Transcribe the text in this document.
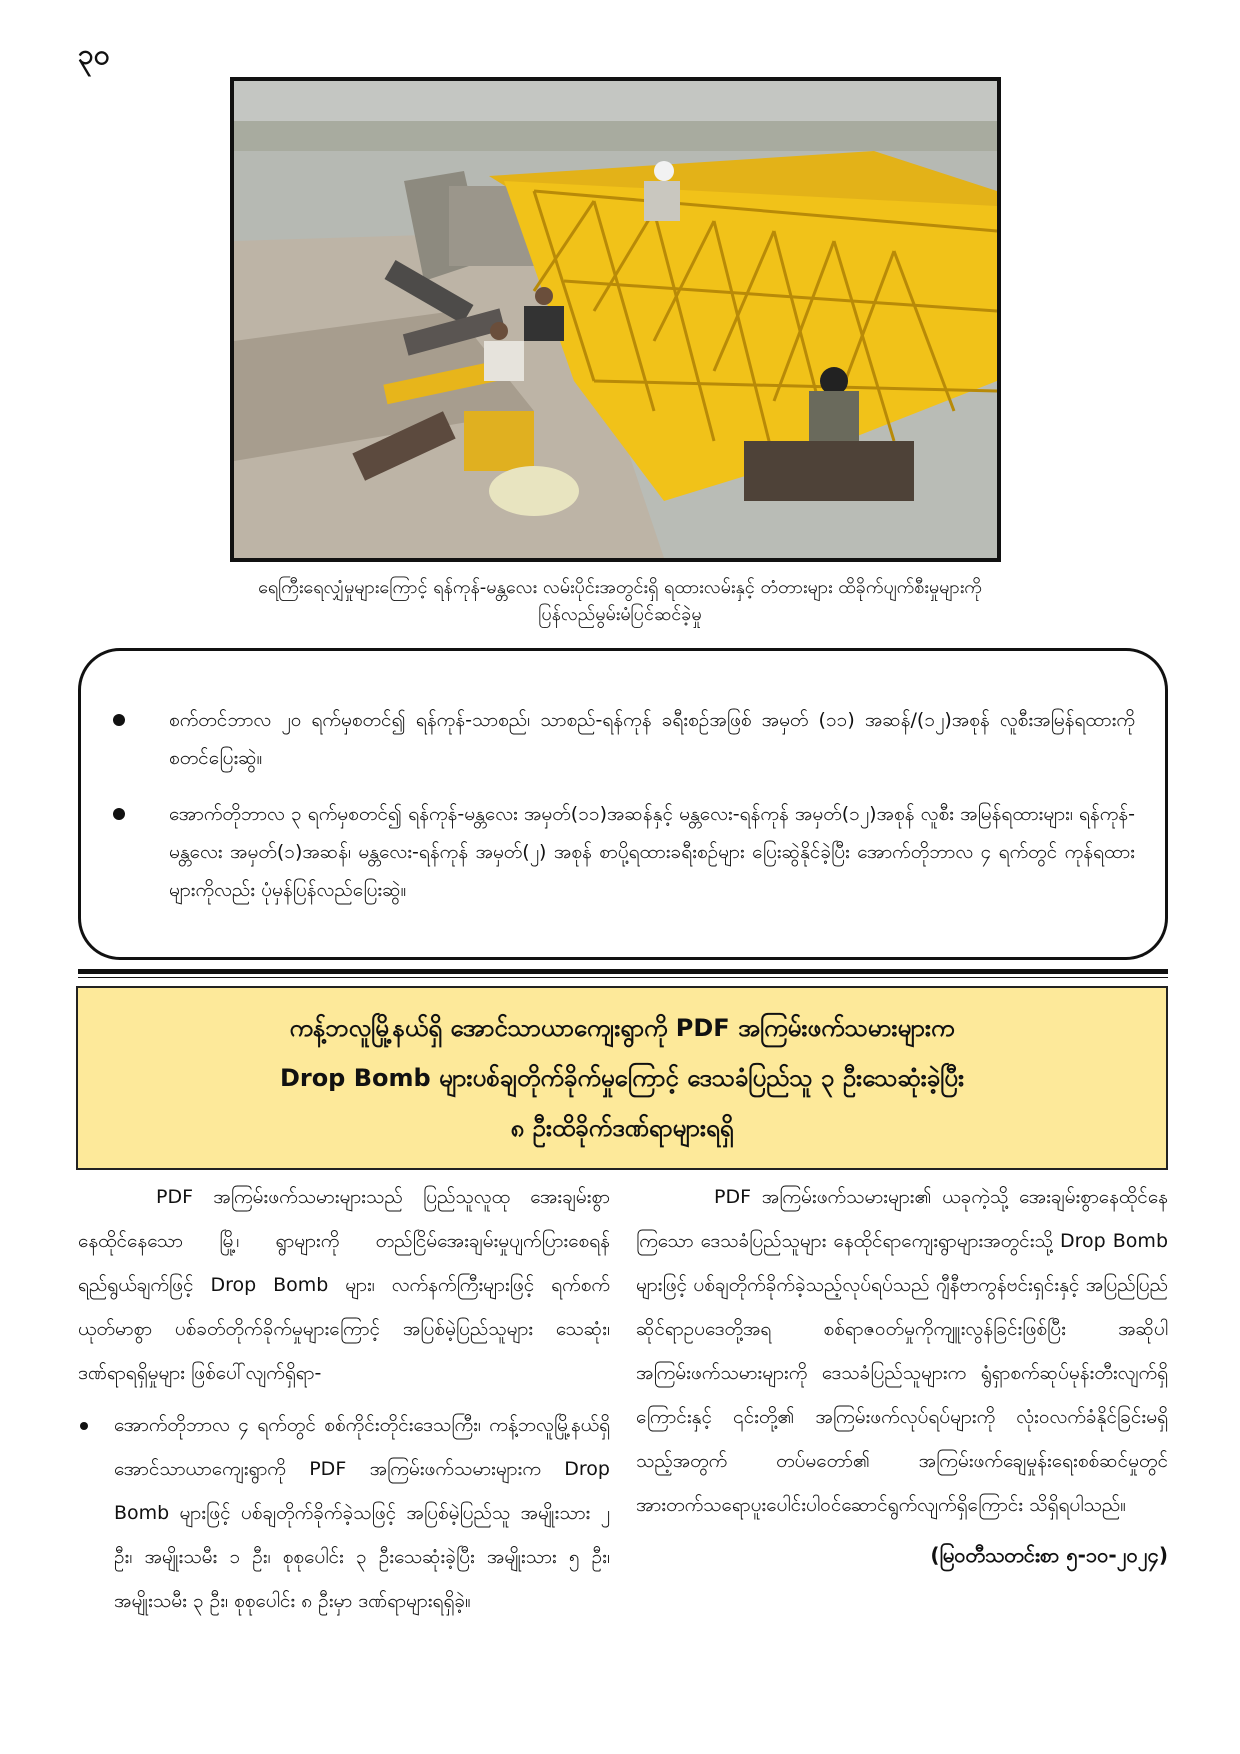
၃၀
ရေကြီးရေလျှံမှုများကြောင့် ရန်ကုန်-မန္တလေး လမ်းပိုင်းအတွင်းရှိ ရထားလမ်းနှင့် တံတားများ ထိခိုက်ပျက်စီးမှုများကို
ပြန်လည်မွမ်းမံပြင်ဆင်ခဲ့မှု
စက်တင်ဘာလ ၂၀ ရက်မှစတင်၍ ရန်ကုန်-သာစည်၊ သာစည်-ရန်ကုန် ခရီးစဉ်အဖြစ် အမှတ် (၁၁) အဆန်/(၁၂)အစုန် လူစီးအမြန်ရထားကို စတင်ပြေးဆွဲ။
အောက်တိုဘာလ ၃ ရက်မှစတင်၍ ရန်ကုန်-မန္တလေး အမှတ်(၁၁)အဆန်နှင့် မန္တလေး-ရန်ကုန် အမှတ်(၁၂)အစုန် လူစီး အမြန်ရထားများ၊ ရန်ကုန်-မန္တလေး အမှတ်(၁)အဆန်၊ မန္တလေး-ရန်ကုန် အမှတ်(၂) အစုန် စာပို့ရထားခရီးစဉ်များ ပြေးဆွဲနိုင်ခဲ့ပြီး အောက်တိုဘာလ ၄ ရက်တွင် ကုန်ရထားများကိုလည်း ပုံမှန်ပြန်လည်ပြေးဆွဲ။
ကန့်ဘလူမြို့နယ်ရှိ အောင်သာယာကျေးရွာကို PDF အကြမ်းဖက်သမားများက
Drop Bomb များပစ်ချတိုက်ခိုက်မှုကြောင့် ဒေသခံပြည်သူ ၃ ဦးသေဆုံးခဲ့ပြီး
၈ ဦးထိခိုက်ဒဏ်ရာများရရှိ

PDF အကြမ်းဖက်သမားများသည် ပြည်သူလူထု အေးချမ်းစွာနေထိုင်နေသော မြို့၊ ရွာများကို တည်ငြိမ်အေးချမ်းမှုပျက်ပြားစေရန်ရည်ရွယ်ချက်ဖြင့် Drop Bomb များ၊ လက်နက်ကြီးများဖြင့် ရက်စက်ယုတ်မာစွာ ပစ်ခတ်တိုက်ခိုက်မှုများကြောင့် အပြစ်မဲ့ပြည်သူများ သေဆုံး၊ ဒဏ်ရာရရှိမှုများ ဖြစ်ပေါ်လျက်ရှိရာ-

အောက်တိုဘာလ ၄ ရက်တွင် စစ်ကိုင်းတိုင်းဒေသကြီး၊ ကန့်ဘလူမြို့နယ်ရှိ အောင်သာယာကျေးရွာကို PDF အကြမ်းဖက်သမားများက Drop Bomb များဖြင့် ပစ်ချတိုက်ခိုက်ခဲ့သဖြင့် အပြစ်မဲ့ပြည်သူ အမျိုးသား ၂ ဦး၊ အမျိုးသမီး ၁ ဦး၊ စုစုပေါင်း ၃ ဦးသေဆုံးခဲ့ပြီး အမျိုးသား ၅ ဦး၊ အမျိုးသမီး ၃ ဦး၊ စုစုပေါင်း ၈ ဦးမှာ ဒဏ်ရာများရရှိခဲ့။

PDF အကြမ်းဖက်သမားများ၏ ယခုကဲ့သို့ အေးချမ်းစွာနေထိုင်နေကြသော ဒေသခံပြည်သူများ နေထိုင်ရာကျေးရွာများအတွင်းသို့ Drop Bomb များဖြင့် ပစ်ချတိုက်ခိုက်ခဲ့သည့်လုပ်ရပ်သည် ဂျီနီဗာကွန်ဗင်းရှင်းနှင့် အပြည်ပြည်ဆိုင်ရာဥပဒေတို့အရ စစ်ရာဇဝတ်မှုကိုကျူးလွန်ခြင်းဖြစ်ပြီး အဆိုပါအကြမ်းဖက်သမားများကို ဒေသခံပြည်သူများက ရွံရှာစက်ဆုပ်မုန်းတီးလျက်ရှိကြောင်းနှင့် ၎င်းတို့၏ အကြမ်းဖက်လုပ်ရပ်များကို လုံးဝလက်ခံနိုင်ခြင်းမရှိသည့်အတွက် တပ်မတော်၏ အကြမ်းဖက်ချေမှုန်းရေးစစ်ဆင်မှုတွင် အားတက်သရောပူးပေါင်းပါဝင်ဆောင်ရွက်လျက်ရှိကြောင်း သိရှိရပါသည်။

(မြဝတီသတင်းစာ ၅-၁၀-၂၀၂၄)
